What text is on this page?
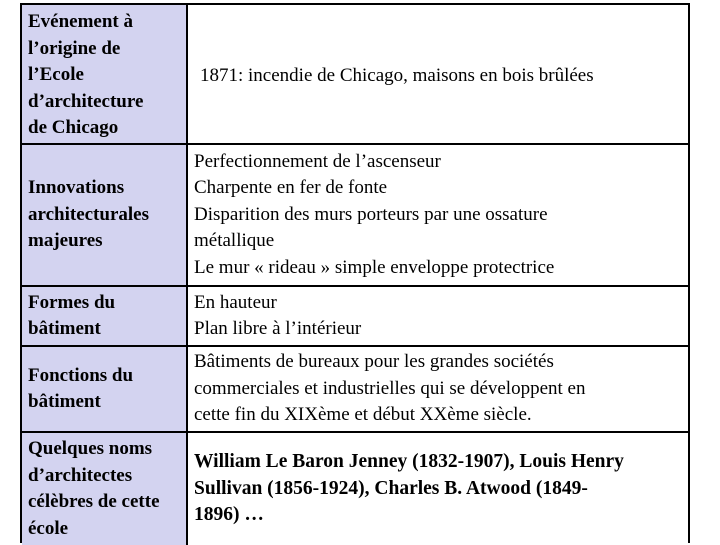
Evénement à
l’origine de
l’Ecole
d’architecture
de Chicago
1871: incendie de Chicago, maisons en bois brûlées
Innovations
architecturales
majeures
Perfectionnement de l’ascenseur
Charpente en fer de fonte
Disparition des murs porteurs par une ossature
métallique
Le mur « rideau » simple enveloppe protectrice
Formes du
bâtiment
En hauteur
Plan libre à l’intérieur
Fonctions du
bâtiment
Bâtiments de bureaux pour les grandes sociétés
commerciales et industrielles qui se développent en
cette fin du XIXème et début XXème siècle.
Quelques noms
d’architectes
célèbres de cette
école
William Le Baron Jenney (1832-1907), Louis Henry
Sullivan (1856-1924), Charles B. Atwood (1849-
1896) …
